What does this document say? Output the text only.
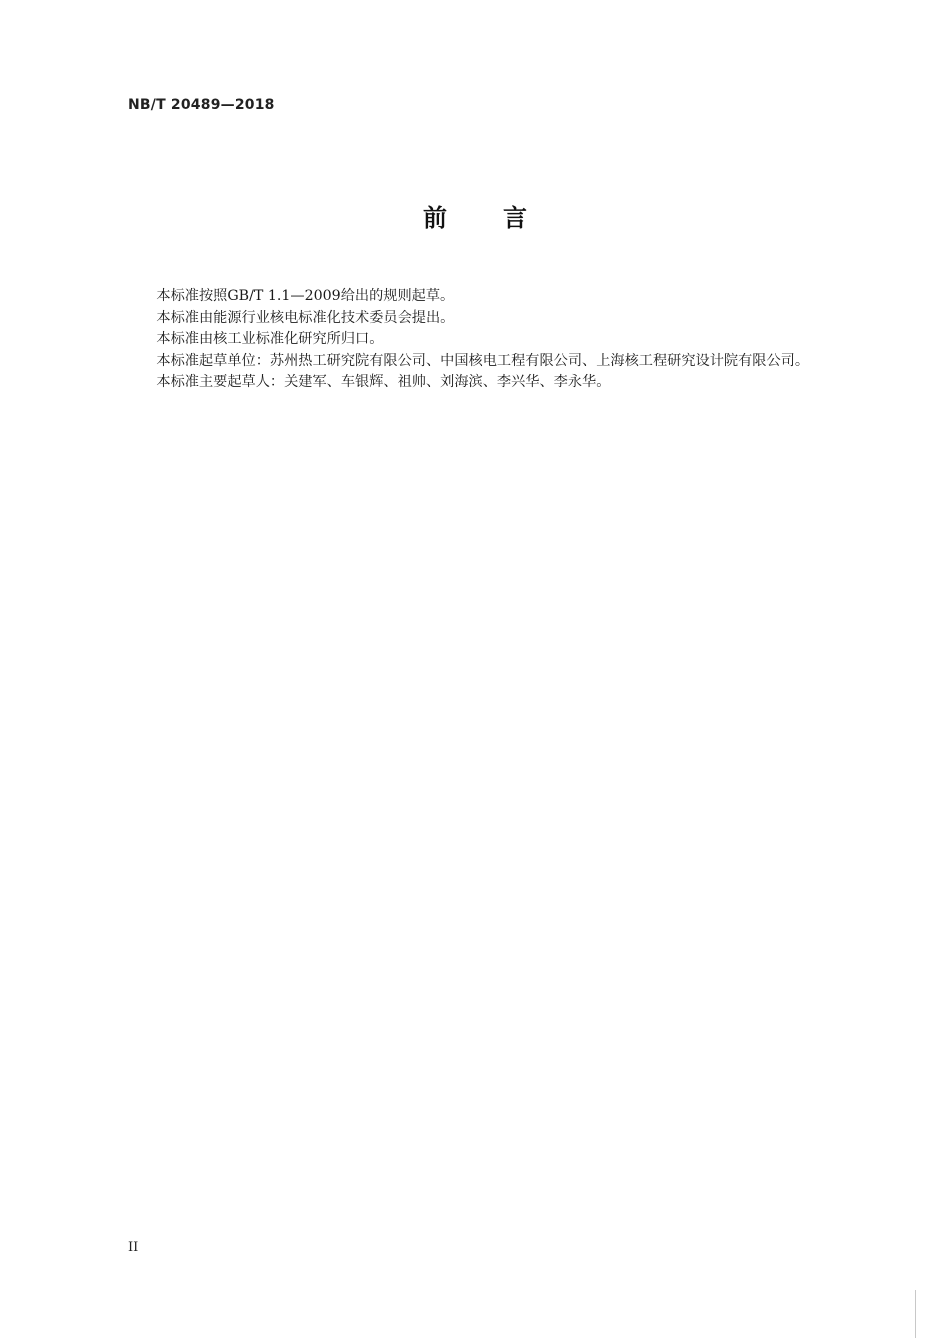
NB/T 20489—2018
前言

本标准按照GB/T 1.1—2009给出的规则起草。

本标准由能源行业核电标准化技术委员会提出。

本标准由核工业标准化研究所归口。

本标准起草单位：苏州热工研究院有限公司、中国核电工程有限公司、上海核工程研究设计院有限公司。

本标准主要起草人：关建军、车银辉、祖帅、刘海滨、李兴华、李永华。

II
